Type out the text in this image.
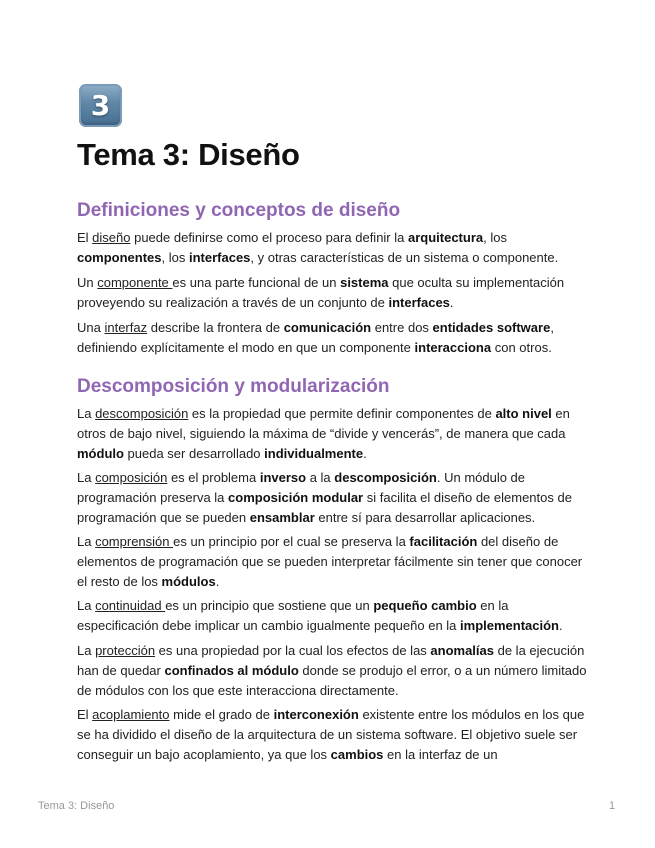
3
Tema 3: Diseño
Definiciones y conceptos de diseño

El diseño puede definirse como el proceso para definir la arquitectura, los componentes, los interfaces, y otras características de un sistema o componente.

Un componente es una parte funcional de un sistema que oculta su implementación proveyendo su realización a través de un conjunto de interfaces.

Una interfaz describe la frontera de comunicación entre dos entidades software, definiendo explícitamente el modo en que un componente interacciona con otros.

Descomposición y modularización

La descomposición es la propiedad que permite definir componentes de alto nivel en otros de bajo nivel, siguiendo la máxima de “divide y vencerás”, de manera que cada módulo pueda ser desarrollado individualmente.

La composición es el problema inverso a la descomposición. Un módulo de programación preserva la composición modular si facilita el diseño de elementos de programación que se pueden ensamblar entre sí para desarrollar aplicaciones.

La comprensión es un principio por el cual se preserva la facilitación del diseño de elementos de programación que se pueden interpretar fácilmente sin tener que conocer el resto de los módulos.

La continuidad es un principio que sostiene que un pequeño cambio en la especificación debe implicar un cambio igualmente pequeño en la implementación.

La protección es una propiedad por la cual los efectos de las anomalías de la ejecución han de quedar confinados al módulo donde se produjo el error, o a un número limitado de módulos con los que este interacciona directamente.

El acoplamiento mide el grado de interconexión existente entre los módulos en los que se ha dividido el diseño de la arquitectura de un sistema software. El objetivo suele ser conseguir un bajo acoplamiento, ya que los cambios en la interfaz de un

Tema 3: Diseño	1
